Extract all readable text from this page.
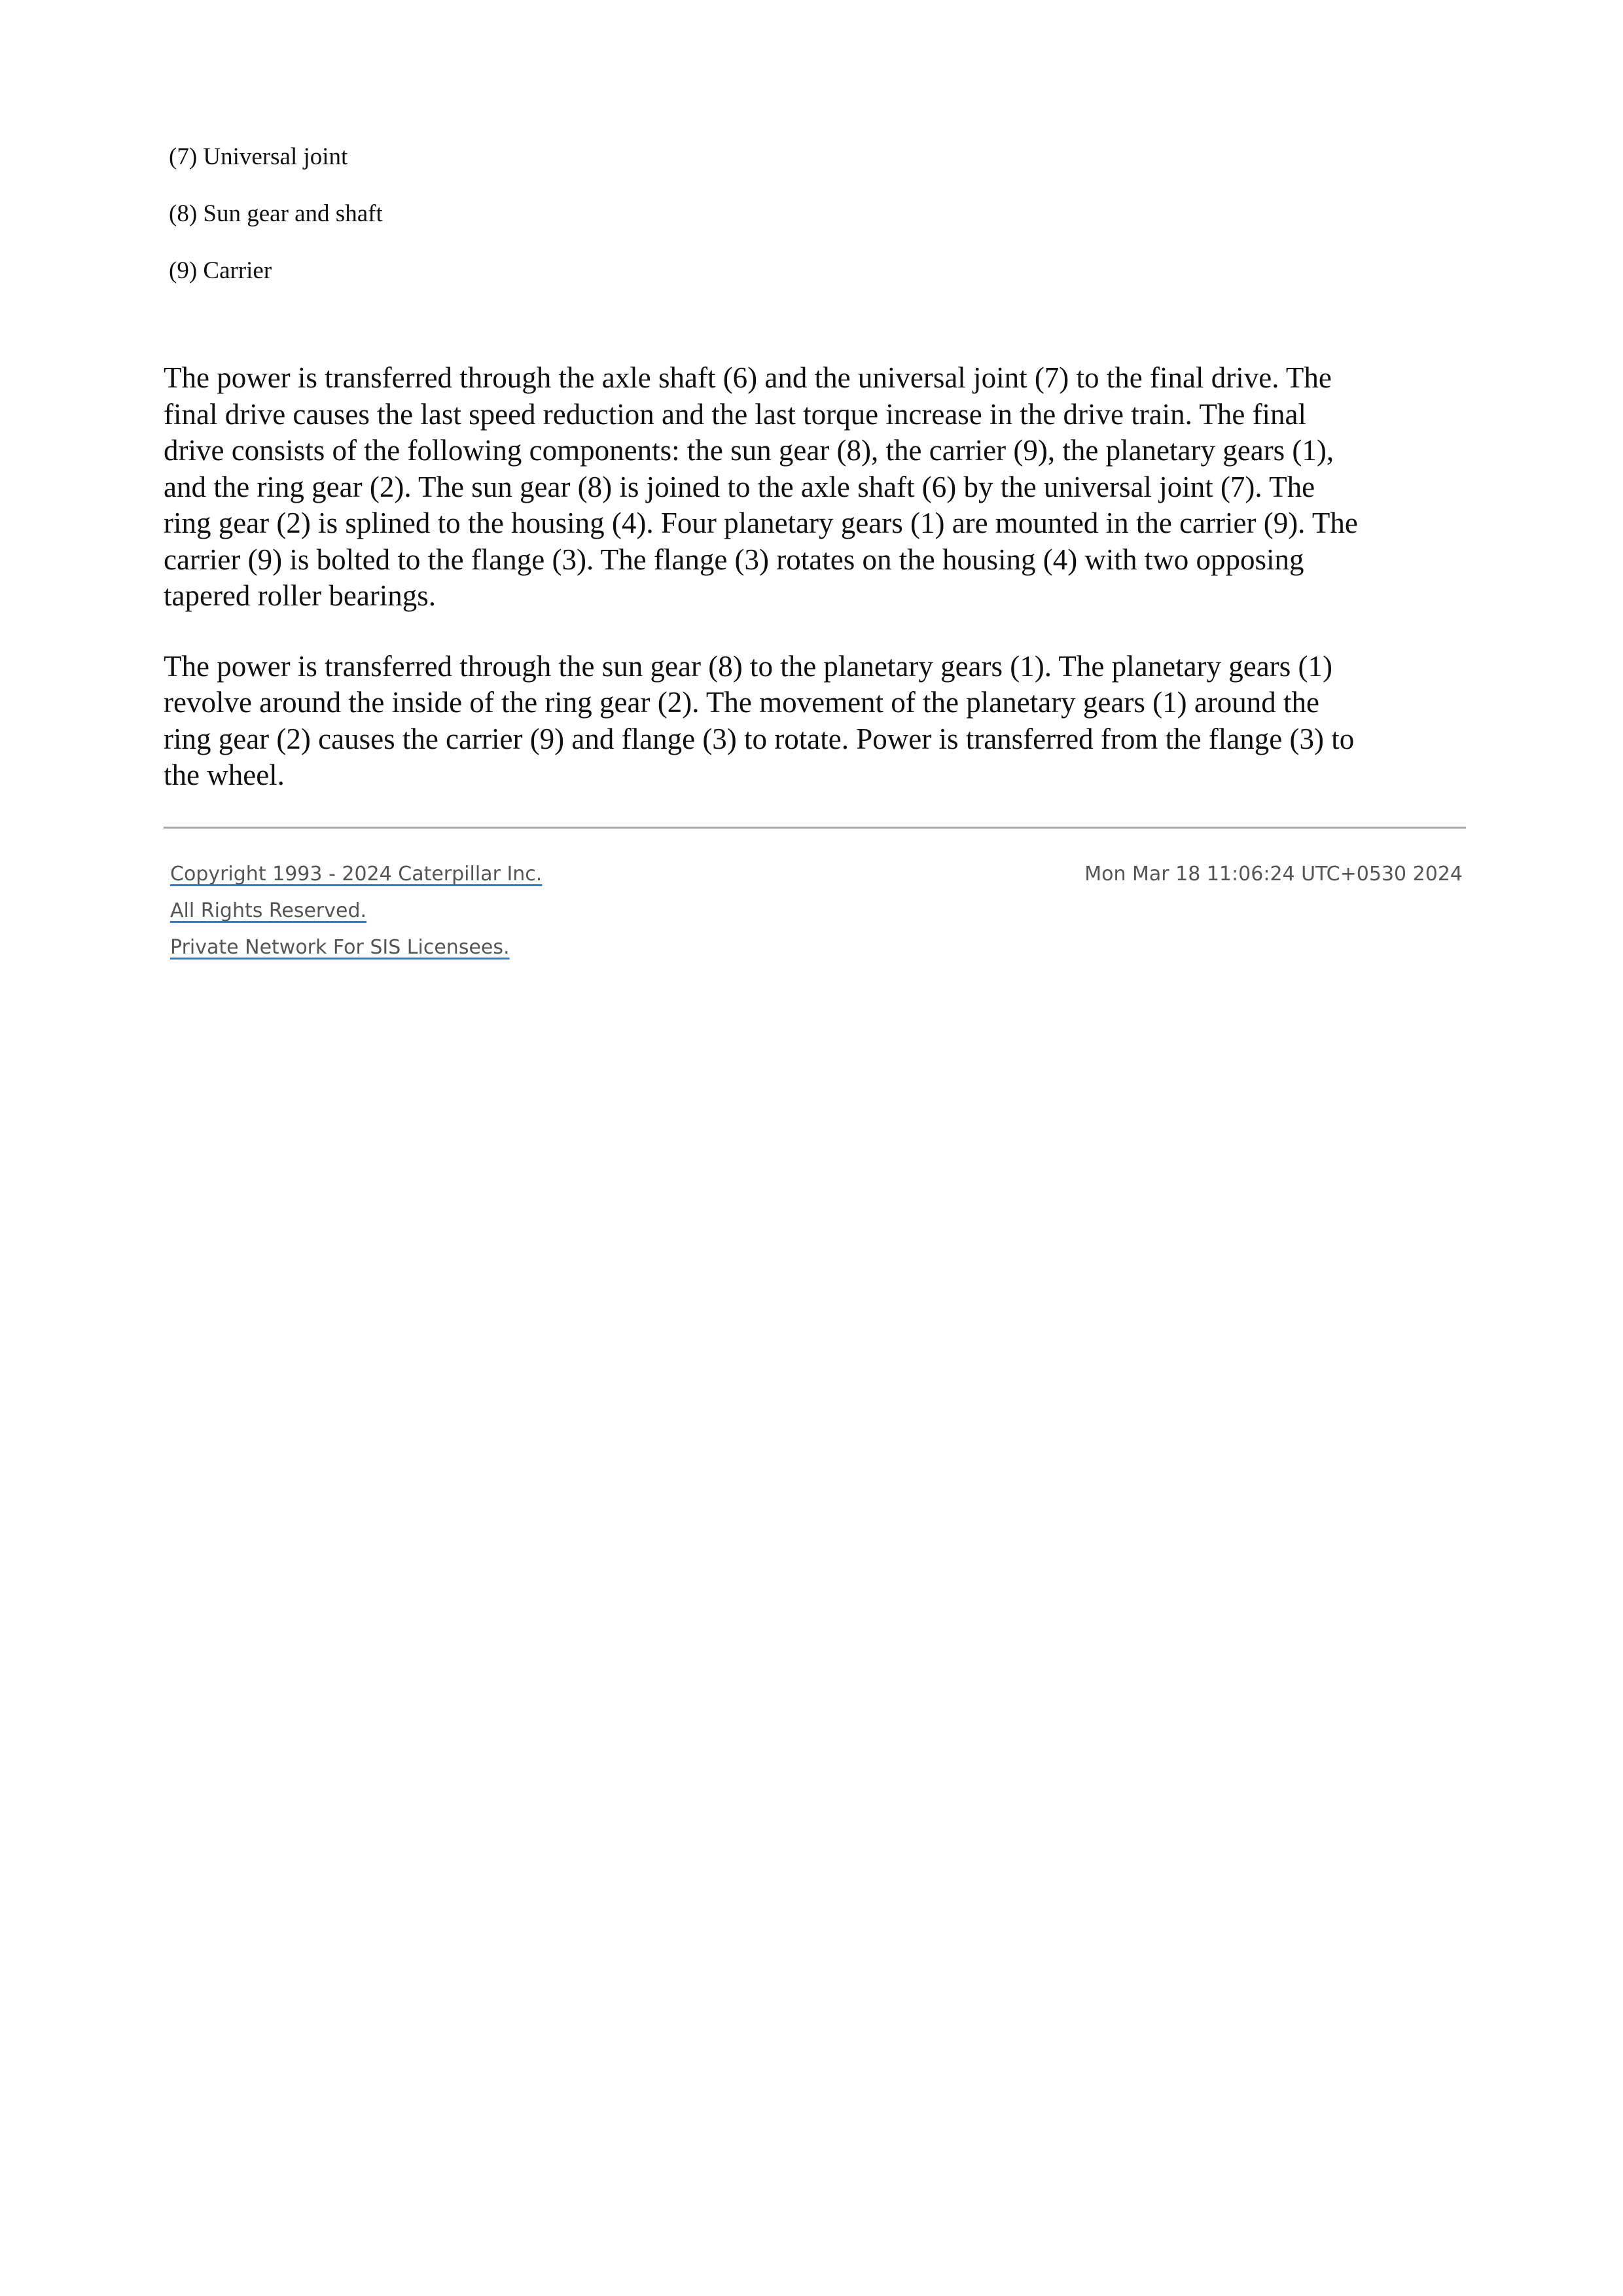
(7) Universal joint
(8) Sun gear and shaft
(9) Carrier

The power is transferred through the axle shaft (6) and the universal joint (7) to the final drive. The
final drive causes the last speed reduction and the last torque increase in the drive train. The final
drive consists of the following components: the sun gear (8), the carrier (9), the planetary gears (1),
and the ring gear (2). The sun gear (8) is joined to the axle shaft (6) by the universal joint (7). The
ring gear (2) is splined to the housing (4). Four planetary gears (1) are mounted in the carrier (9). The
carrier (9) is bolted to the flange (3). The flange (3) rotates on the housing (4) with two opposing
tapered roller bearings.

The power is transferred through the sun gear (8) to the planetary gears (1). The planetary gears (1)
revolve around the inside of the ring gear (2). The movement of the planetary gears (1) around the
ring gear (2) causes the carrier (9) and flange (3) to rotate. Power is transferred from the flange (3) to
the wheel.

Copyright 1993 - 2024 Caterpillar Inc.
All Rights Reserved.
Private Network For SIS Licensees.
Mon Mar 18 11:06:24 UTC+0530 2024
